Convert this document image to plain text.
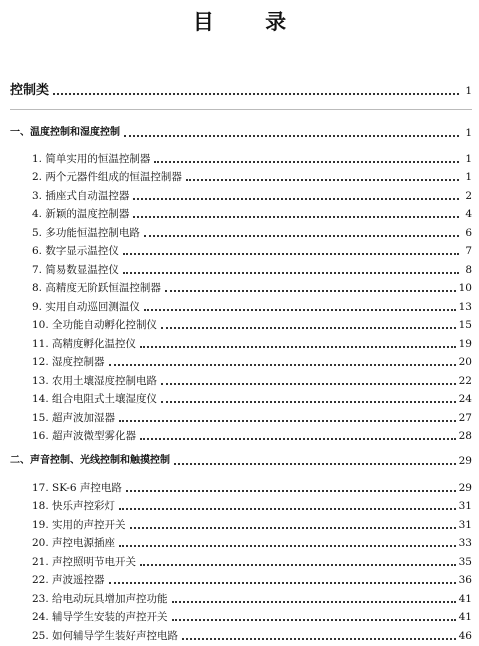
目 录
控制类	1
一、温度控制和湿度控制	1
1. 简单实用的恒温控制器	1
2. 两个元器件组成的恒温控制器	1
3. 插座式自动温控器	2
4. 新颖的温度控制器	4
5. 多功能恒温控制电路	6
6. 数字显示温控仪	7
7. 简易数显温控仪	8
8. 高精度无阶跃恒温控制器	10
9. 实用自动巡回测温仪	13
10. 全功能自动孵化控制仪	15
11. 高精度孵化温控仪	19
12. 湿度控制器	20
13. 农用土壤湿度控制电路	22
14. 组合电阻式土壤湿度仪	24
15. 超声波加湿器	27
16. 超声波微型雾化器	28
二、声音控制、光线控制和触摸控制	29
17. SK-6 声控电路	29
18. 快乐声控彩灯	31
19. 实用的声控开关	31
20. 声控电源插座	33
21. 声控照明节电开关	35
22. 声波遥控器	36
23. 给电动玩具增加声控功能	41
24. 辅导学生安装的声控开关	41
25. 如何辅导学生装好声控电路	46
